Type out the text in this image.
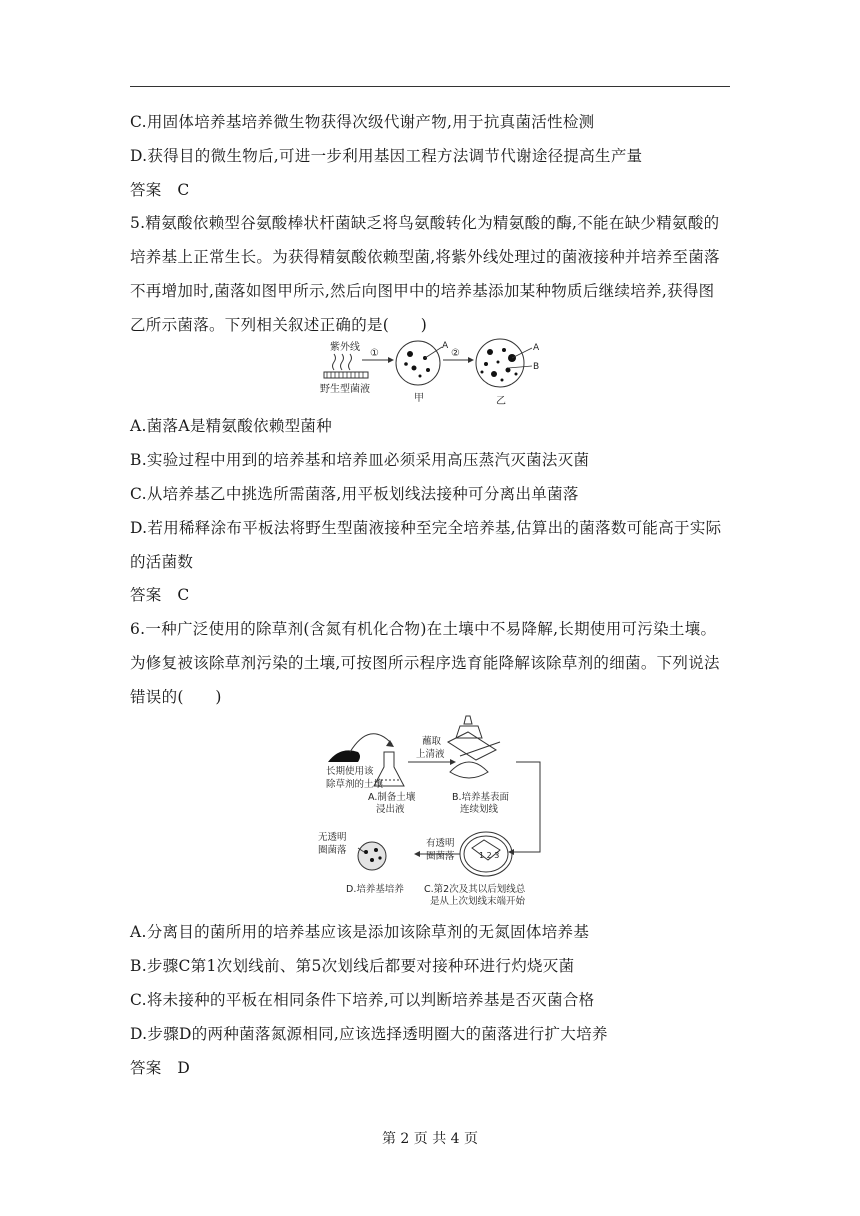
C.用固体培养基培养微生物获得次级代谢产物,用于抗真菌活性检测
D.获得目的微生物后,可进一步利用基因工程方法调节代谢途径提高生产量
答案　C
5.精氨酸依赖型谷氨酸棒状杆菌缺乏将鸟氨酸转化为精氨酸的酶,不能在缺少精氨酸的
培养基上正常生长。为获得精氨酸依赖型菌,将紫外线处理过的菌液接种并培养至菌落
不再增加时,菌落如图甲所示,然后向图甲中的培养基添加某种物质后继续培养,获得图
乙所示菌落。下列相关叙述正确的是(　　)
紫外线
野生型菌液
①
A
甲
②	A
B
乙
A.菌落A是精氨酸依赖型菌种
B.实验过程中用到的培养基和培养皿必须采用高压蒸汽灭菌法灭菌
C.从培养基乙中挑选所需菌落,用平板划线法接种可分离出单菌落
D.若用稀释涂布平板法将野生型菌液接种至完全培养基,估算出的菌落数可能高于实际
的活菌数
答案　C
6.一种广泛使用的除草剂(含氮有机化合物)在土壤中不易降解,长期使用可污染土壤。
为修复被该除草剂污染的土壤,可按图所示程序选育能降解该除草剂的细菌。下列说法
错误的(　　)
长期使用该
除草剂的土壤
A.制备土壤
浸出液
蘸取
上清液
B.培养基表面
连续划线
1 2 3
有透明
圈菌落
无透明
圈菌落
D.培养基培养 C.第2次及其以后划线总
是从上次划线末端开始
A.分离目的菌所用的培养基应该是添加该除草剂的无氮固体培养基
B.步骤C第1次划线前、第5次划线后都要对接种环进行灼烧灭菌
C.将未接种的平板在相同条件下培养,可以判断培养基是否灭菌合格
D.步骤D的两种菌落氮源相同,应该选择透明圈大的菌落进行扩大培养
答案　D
第 2 页 共 4 页
